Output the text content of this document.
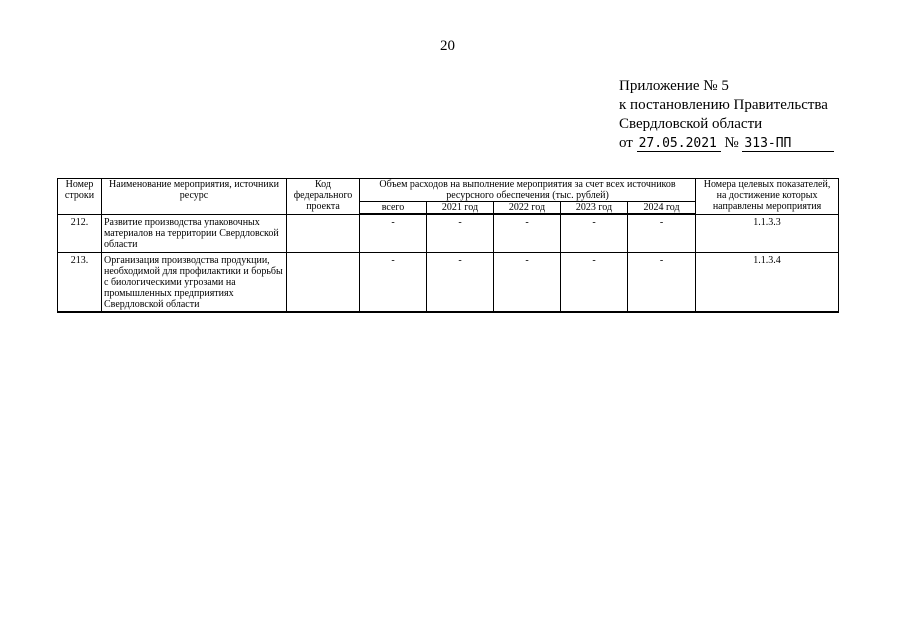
20
Приложение № 5
к постановлению Правительства
Свердловской области
от 27.05.2021 № 313-ПП
Номер строки	Наименование мероприятия, источники ресурс	Код федерального проекта	Объем расходов на выполнение мероприятия за счет всех источников ресурсного обеспечения (тыс. рублей)					Номера целевых показателей, на достижение которых направлены мероприятия
			всего	2021 год	2022 год	2023 год	2024 год	
212.	Развитие производства упаковочных материалов на территории Свердловской области		-	-	-	-	-	1.1.3.3
213.	Организация производства продукции, необходимой для профилактики и борьбы с биологическими угрозами на промышленных предприятиях Свердловской области		-	-	-	-	-	1.1.3.4
